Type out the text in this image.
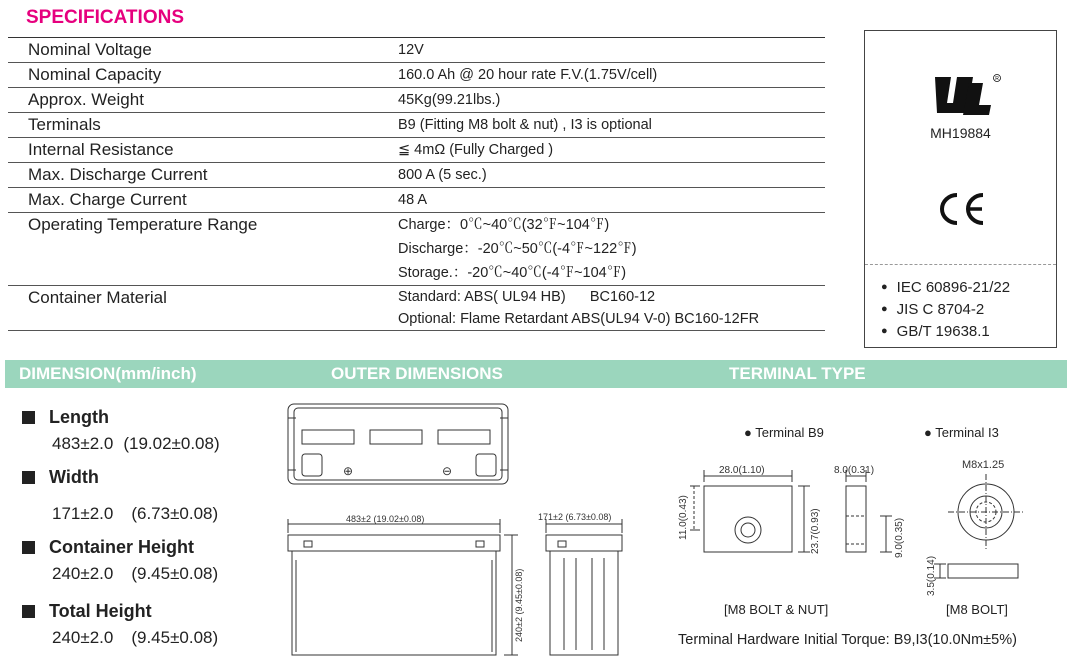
SPECIFICATIONS
Nominal Voltage	12V
Nominal Capacity	160.0 Ah @ 20 hour rate F.V.(1.75V/cell)
Approx. Weight	45Kg(99.21lbs.)
Terminals	B9 (Fitting M8 bolt & nut) , I3 is optional
Internal Resistance	≦ 4mΩ (Fully Charged )
Max. Discharge Current	800 A (5 sec.)
Max. Charge Current	48 A
Operating Temperature Range	Charge：0℃~40℃(32℉~104℉)
Discharge：-20℃~50℃(-4℉~122℉)
Storage.：-20℃~40℃(-4℉~104℉)
Container Material	Standard: ABS( UL94 HB)      BC160-12
Optional: Flame Retardant ABS(UL94 V-0) BC160-12FR
R
MH19884
● IEC 60896-21/22
● JIS C 8704-2
● GB/T 19638.1
DIMENSION(mm/inch)	OUTER DIMENSIONS	TERMINAL TYPE
Length
483±2.0 (19.02±0.08)
Width
171±2.0 (6.73±0.08)
Container Height
240±2.0 (9.45±0.08)
Total Height
240±2.0 (9.45±0.08)
⊕	⊖
483±2 (19.02±0.08)	171±2 (6.73±0.08)
240±2 (9.45±0.08)
● Terminal B9	● Terminal I3
28.0(1.10)	8.0(0.31)
11.0(0.43)	23.7(0.93)	9.0(0.35)
M8x1.25
3.5(0.14)
[M8 BOLT & NUT]	[M8 BOLT]
Terminal Hardware Initial Torque: B9,I3(10.0Nm±5%)
